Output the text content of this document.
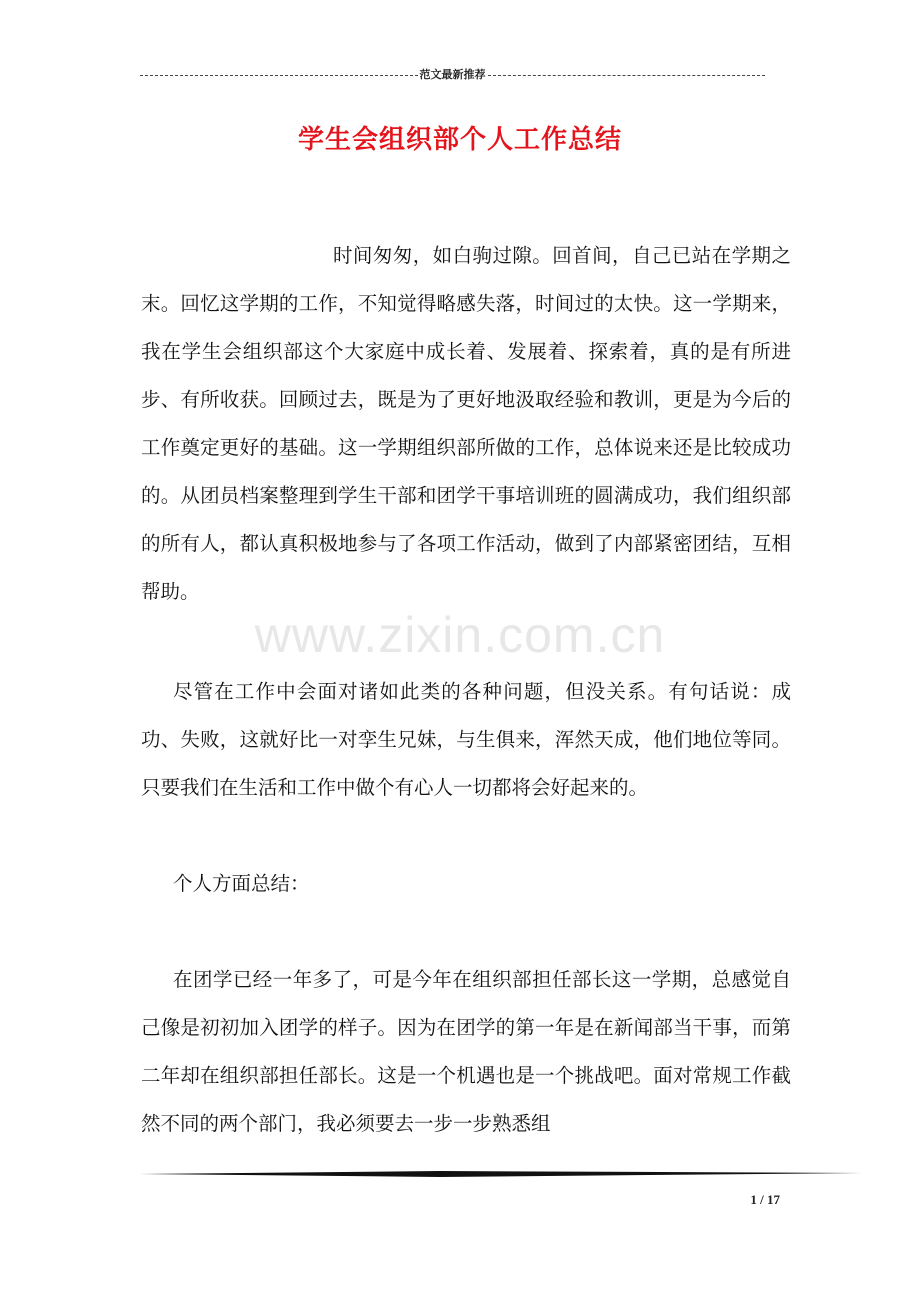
范文最新推荐
学生会组织部个人工作总结
www.zixin.com.cn

时间匆匆，如白驹过隙。回首间，自己已站在学期之末。回忆这学期的工作，不知觉得略感失落，时间过的太快。这一学期来，我在学生会组织部这个大家庭中成长着、发展着、探索着，真的是有所进步、有所收获。回顾过去，既是为了更好地汲取经验和教训，更是为今后的工作奠定更好的基础。这一学期组织部所做的工作，总体说来还是比较成功的。从团员档案整理到学生干部和团学干事培训班的圆满成功，我们组织部的所有人，都认真积极地参与了各项工作活动，做到了内部紧密团结，互相帮助。

尽管在工作中会面对诸如此类的各种问题，但没关系。有句话说：成功、失败，这就好比一对孪生兄妹，与生俱来，浑然天成，他们地位等同。只要我们在生活和工作中做个有心人一切都将会好起来的。

个人方面总结：

在团学已经一年多了，可是今年在组织部担任部长这一学期，总感觉自己像是初初加入团学的样子。因为在团学的第一年是在新闻部当干事，而第二年却在组织部担任部长。这是一个机遇也是一个挑战吧。面对常规工作截然不同的两个部门，我必须要去一步一步熟悉组

1 / 17
